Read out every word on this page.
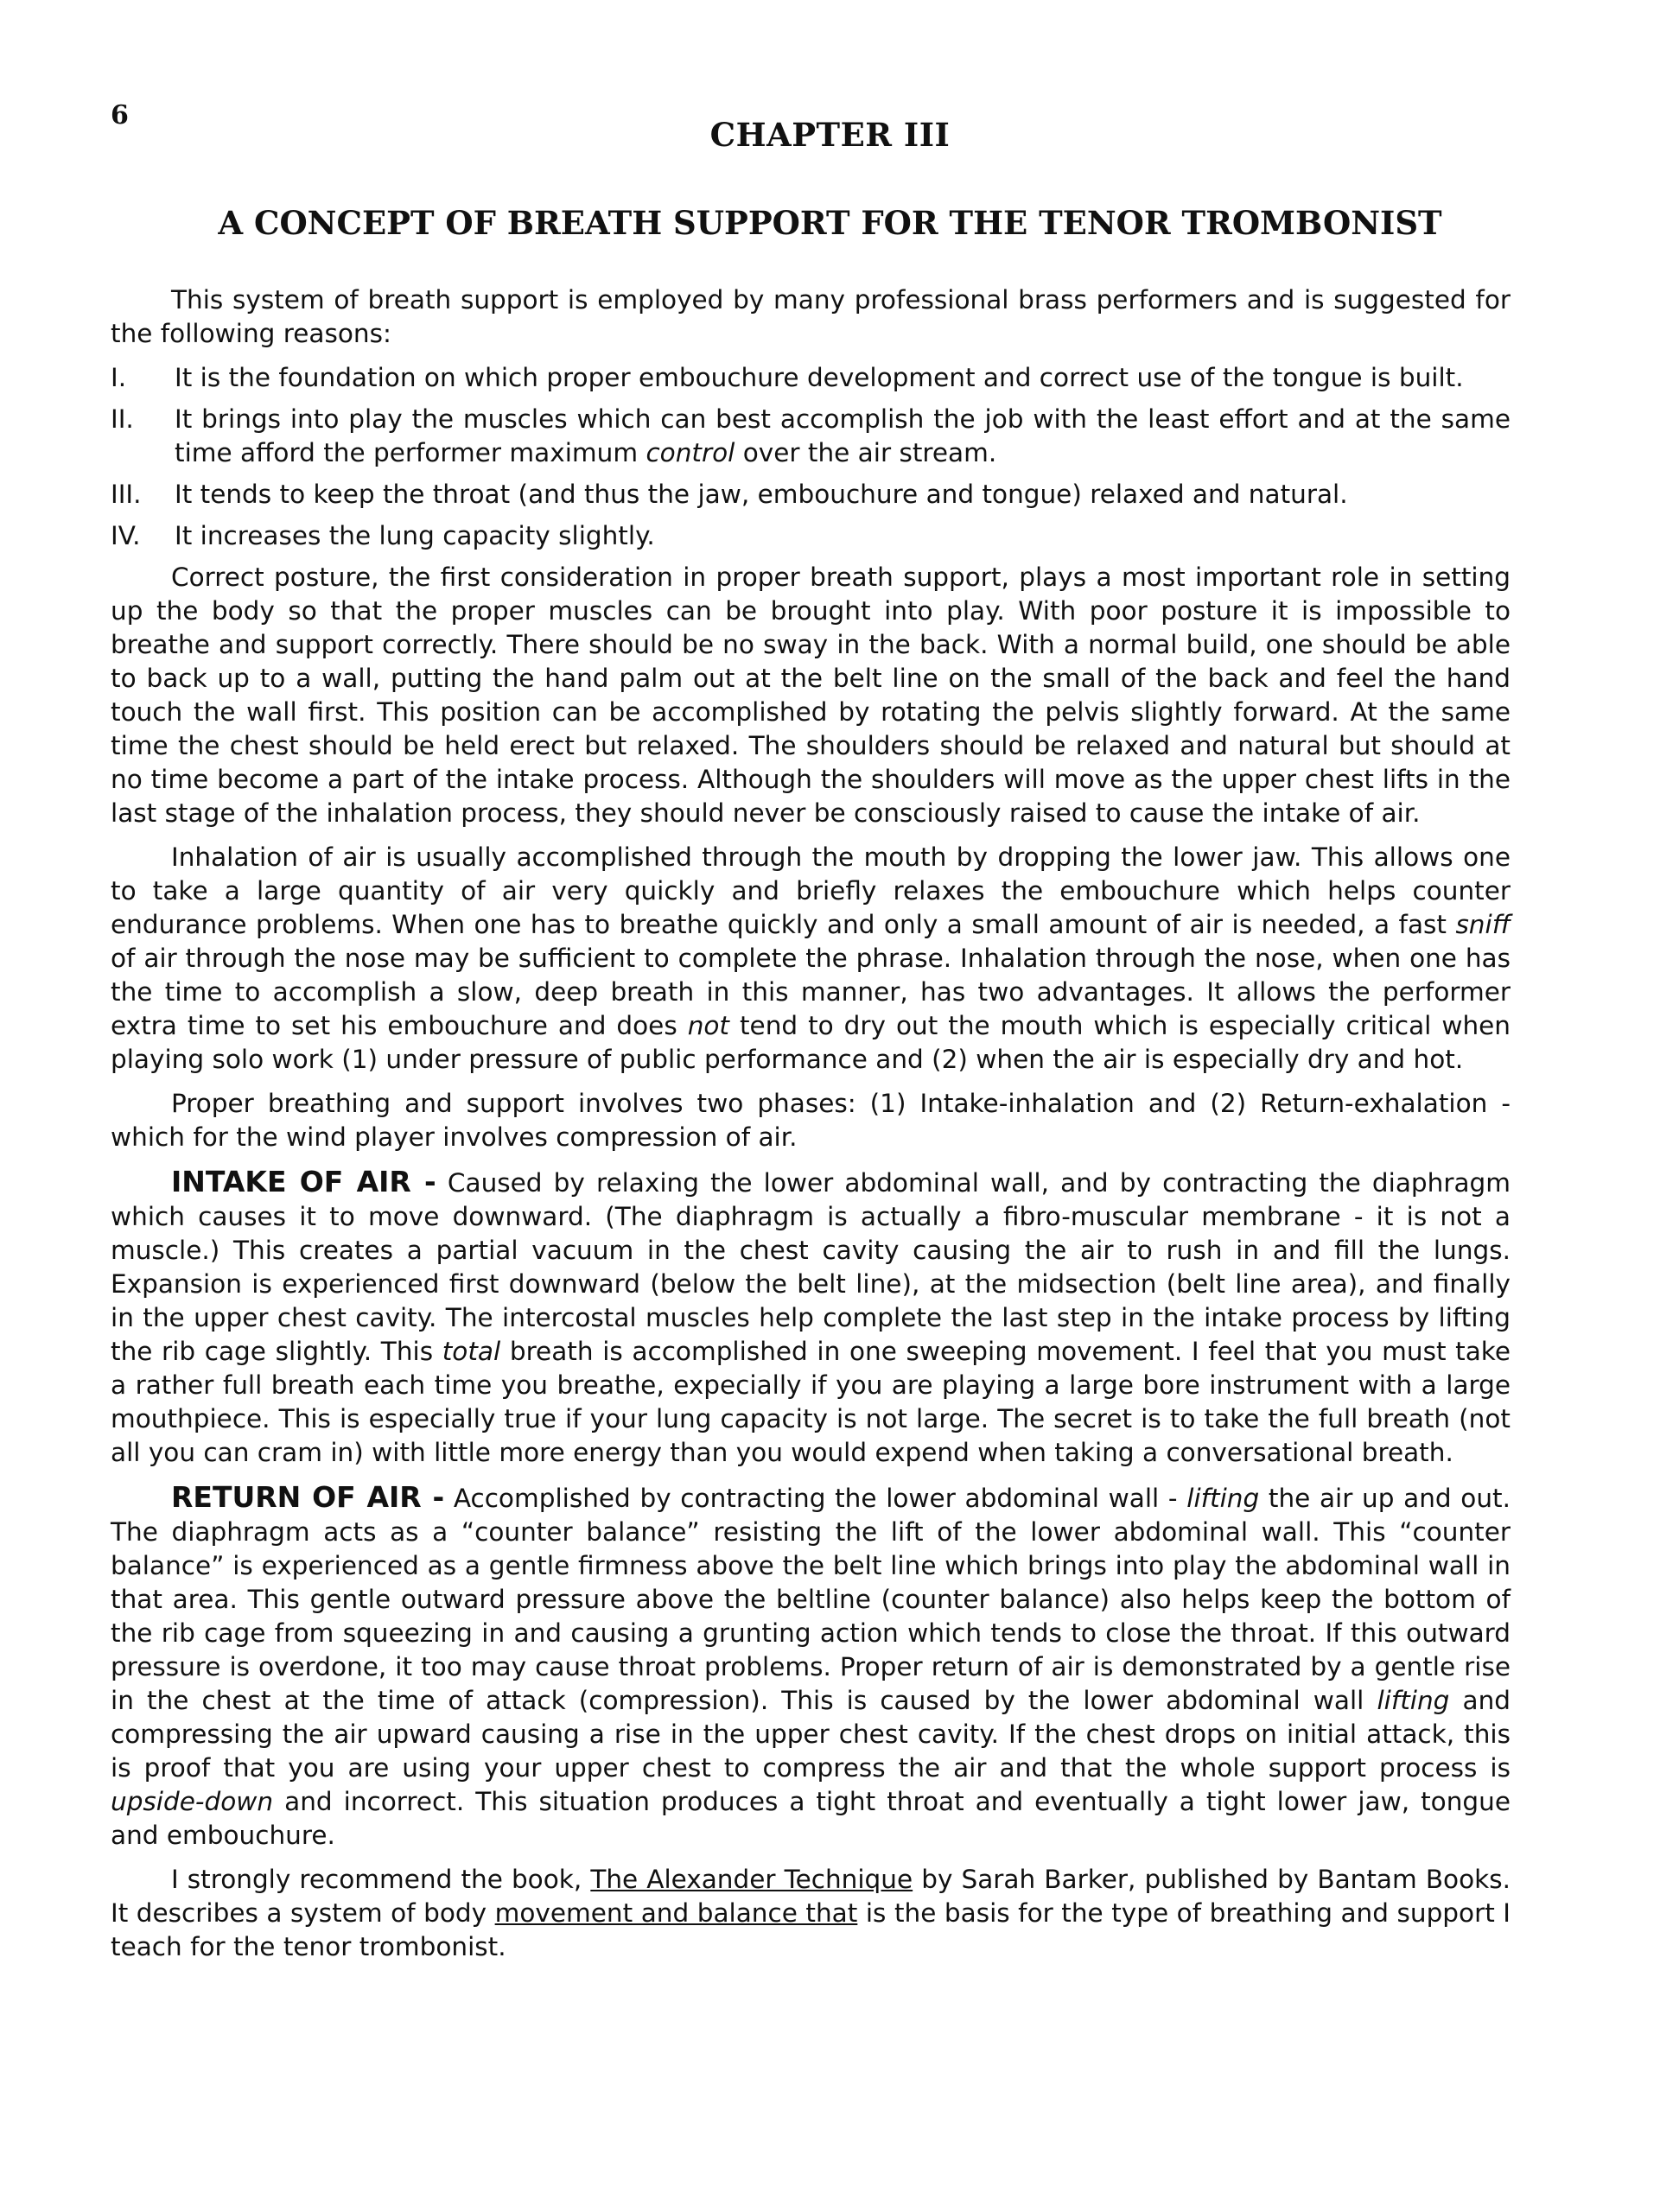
6
CHAPTER III
A CONCEPT OF BREATH SUPPORT FOR THE TENOR TROMBONIST

This system of breath support is employed by many professional brass performers and is suggested for the following reasons:

I.	It is the foundation on which proper embouchure development and correct use of the tongue is built.
II.	It brings into play the muscles which can best accomplish the job with the least effort and at the same time afford the performer maximum control over the air stream.
III.	It tends to keep the throat (and thus the jaw, embouchure and tongue) relaxed and natural.
IV.	It increases the lung capacity slightly.

Correct posture, the first consideration in proper breath support, plays a most important role in setting up the body so that the proper muscles can be brought into play. With poor posture it is impossible to breathe and support correctly. There should be no sway in the back. With a normal build, one should be able to back up to a wall, putting the hand palm out at the belt line on the small of the back and feel the hand touch the wall first. This position can be accomplished by rotating the pelvis slightly forward. At the same time the chest should be held erect but relaxed. The shoulders should be relaxed and natural but should at no time become a part of the intake process. Although the shoulders will move as the upper chest lifts in the last stage of the inhalation process, they should never be consciously raised to cause the intake of air.

Inhalation of air is usually accomplished through the mouth by dropping the lower jaw. This allows one to take a large quantity of air very quickly and briefly relaxes the embouchure which helps counter endurance problems. When one has to breathe quickly and only a small amount of air is needed, a fast sniff of air through the nose may be sufficient to complete the phrase. Inhalation through the nose, when one has the time to accomplish a slow, deep breath in this manner, has two advantages. It allows the performer extra time to set his embouchure and does not tend to dry out the mouth which is especially critical when playing solo work (1) under pressure of public performance and (2) when the air is especially dry and hot.

Proper breathing and support involves two phases: (1) Intake-inhalation and (2) Return-exhalation - which for the wind player involves compression of air.

INTAKE OF AIR - Caused by relaxing the lower abdominal wall, and by contracting the diaphragm which causes it to move downward. (The diaphragm is actually a fibro-muscular membrane - it is not a muscle.) This creates a partial vacuum in the chest cavity causing the air to rush in and fill the lungs. Expansion is experienced first downward (below the belt line), at the midsection (belt line area), and finally in the upper chest cavity. The intercostal muscles help complete the last step in the intake process by lifting the rib cage slightly. This total breath is accomplished in one sweeping movement. I feel that you must take a rather full breath each time you breathe, expecially if you are playing a large bore instrument with a large mouthpiece. This is especially true if your lung capacity is not large. The secret is to take the full breath (not all you can cram in) with little more energy than you would expend when taking a conversational breath.

RETURN OF AIR - Accomplished by contracting the lower abdominal wall - lifting the air up and out. The diaphragm acts as a “counter balance” resisting the lift of the lower abdominal wall. This “counter balance” is experienced as a gentle firmness above the belt line which brings into play the abdominal wall in that area. This gentle outward pressure above the beltline (counter balance) also helps keep the bottom of the rib cage from squeezing in and causing a grunting action which tends to close the throat. If this outward pressure is overdone, it too may cause throat problems. Proper return of air is demonstrated by a gentle rise in the chest at the time of attack (compression). This is caused by the lower abdominal wall lifting and compressing the air upward causing a rise in the upper chest cavity. If the chest drops on initial attack, this is proof that you are using your upper chest to compress the air and that the whole support process is upside-down and incorrect. This situation produces a tight throat and eventually a tight lower jaw, tongue and embouchure.

I strongly recommend the book, The Alexander Technique by Sarah Barker, published by Bantam Books. It describes a system of body movement and balance that is the basis for the type of breathing and support I teach for the tenor trombonist.
